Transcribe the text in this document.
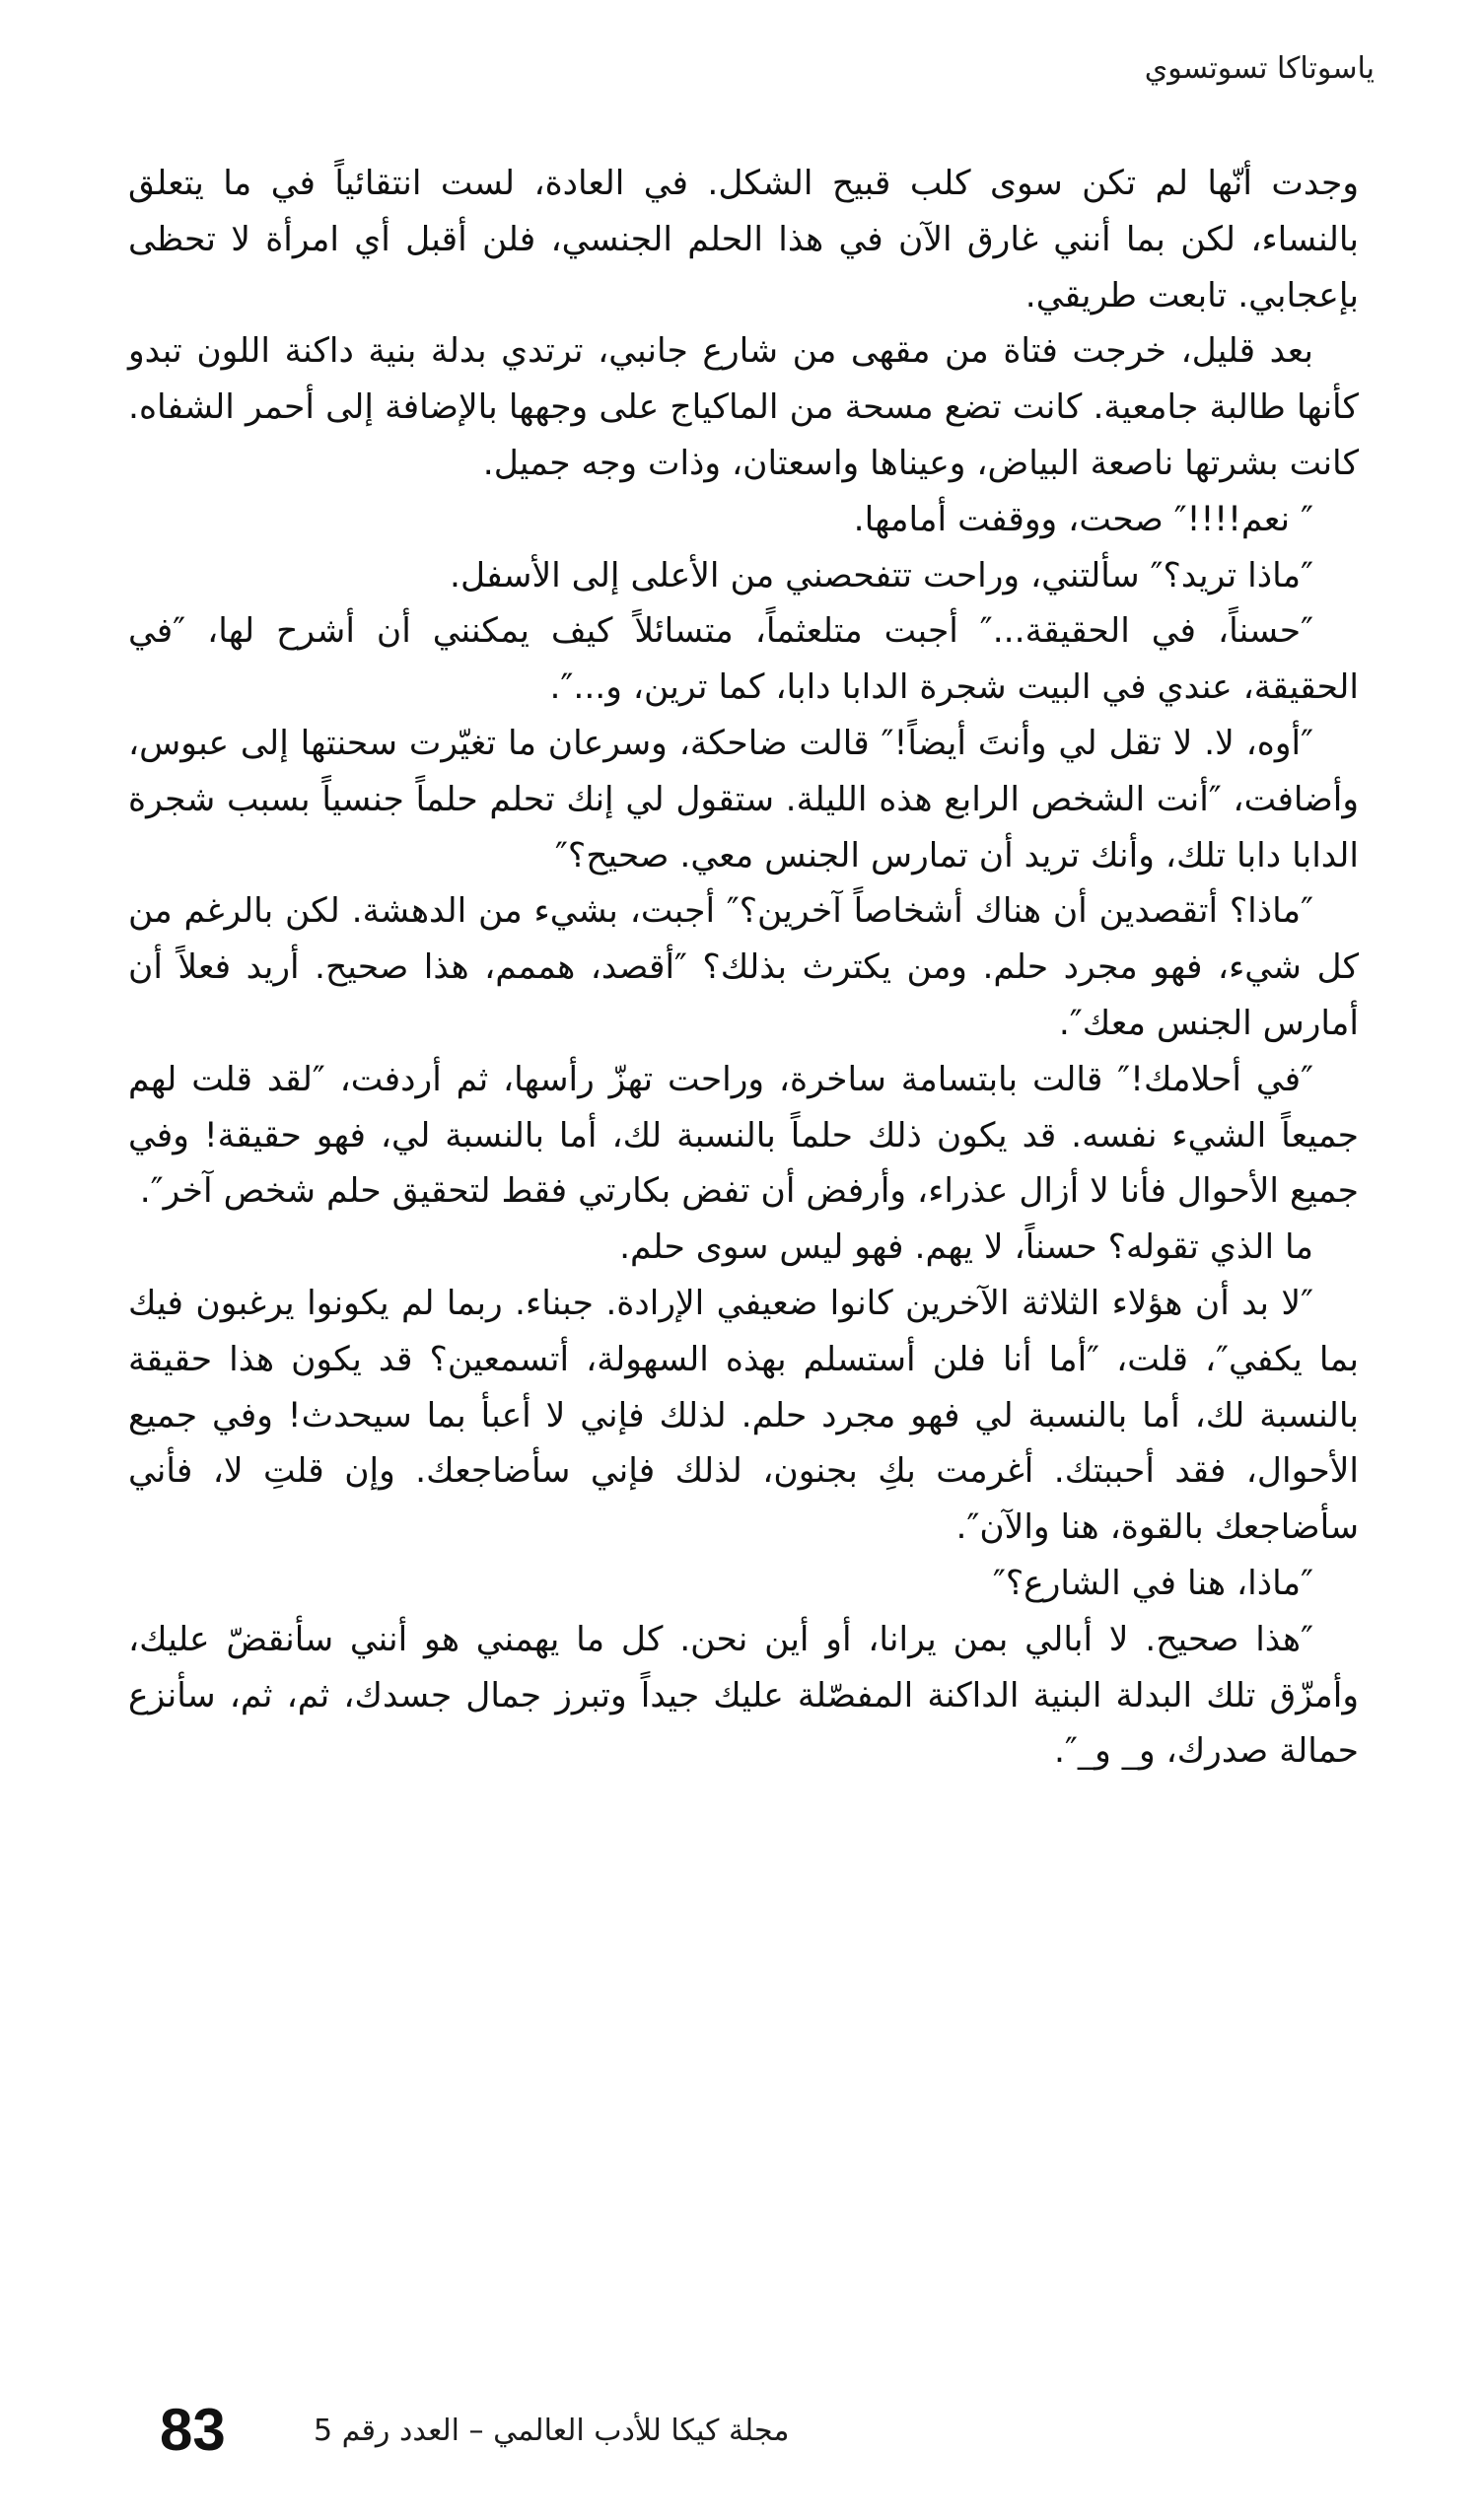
ياسوتاكا تسوتسوي

وجدت أنّها لم تكن سوى كلب قبيح الشكل. في العادة، لست انتقائياً في ما يتعلق بالنساء، لكن بما أنني غارق الآن في هذا الحلم الجنسي، فلن أقبل أي امرأة لا تحظى بإعجابي. تابعت طريقي.

بعد قليل، خرجت فتاة من مقهى من شارع جانبي، ترتدي بدلة بنية داكنة اللون تبدو كأنها طالبة جامعية. كانت تضع مسحة من الماكياج على وجهها بالإضافة إلى أحمر الشفاه. كانت بشرتها ناصعة البياض، وعيناها واسعتان، وذات وجه جميل.

″ نعم!!!!″ صحت، ووقفت أمامها.

″ماذا تريد؟″ سألتني، وراحت تتفحصني من الأعلى إلى الأسفل.

″حسناً، في الحقيقة...″ أجبت متلعثماً، متسائلاً كيف يمكنني أن أشرح لها، ″في الحقيقة، عندي في البيت شجرة الدابا دابا، كما ترين، و...″.

″أوه، لا. لا تقل لي وأنتَ أيضاً!″ قالت ضاحكة، وسرعان ما تغيّرت سحنتها إلى عبوس، وأضافت، ″أنت الشخص الرابع هذه الليلة. ستقول لي إنك تحلم حلماً جنسياً بسبب شجرة الدابا دابا تلك، وأنك تريد أن تمارس الجنس معي. صحيح؟″

″ماذا؟ أتقصدين أن هناك أشخاصاً آخرين؟″ أجبت، بشيء من الدهشة. لكن بالرغم من كل شيء، فهو مجرد حلم. ومن يكترث بذلك؟ ″أقصد، هممم، هذا صحيح. أريد فعلاً أن أمارس الجنس معك″.

″في أحلامك!″ قالت بابتسامة ساخرة، وراحت تهزّ رأسها، ثم أردفت، ″لقد قلت لهم جميعاً الشيء نفسه. قد يكون ذلك حلماً بالنسبة لك، أما بالنسبة لي، فهو حقيقة! وفي جميع الأحوال فأنا لا أزال عذراء، وأرفض أن تفض بكارتي فقط لتحقيق حلم شخص آخر″.

ما الذي تقوله؟ حسناً، لا يهم. فهو ليس سوى حلم.

″لا بد أن هؤلاء الثلاثة الآخرين كانوا ضعيفي الإرادة. جبناء. ربما لم يكونوا يرغبون فيك بما يكفي″، قلت، ″أما أنا فلن أستسلم بهذه السهولة، أتسمعين؟ قد يكون هذا حقيقة بالنسبة لك، أما بالنسبة لي فهو مجرد حلم. لذلك فإني لا أعبأ بما سيحدث! وفي جميع الأحوال، فقد أحببتك. أغرمت بكِ بجنون، لذلك فإني سأضاجعك. وإن قلتِ لا، فأني سأضاجعك بالقوة، هنا والآن″.

″ماذا، هنا في الشارع؟″

″هذا صحيح. لا أبالي بمن يرانا، أو أين نحن. كل ما يهمني هو أنني سأنقضّ عليك، وأمزّق تلك البدلة البنية الداكنة المفصّلة عليك جيداً وتبرز جمال جسدك، ثم، ثم، سأنزع حمالة صدرك، و_ و_″.

مجلة كيكا للأدب العالمي – العدد رقم 5
83
